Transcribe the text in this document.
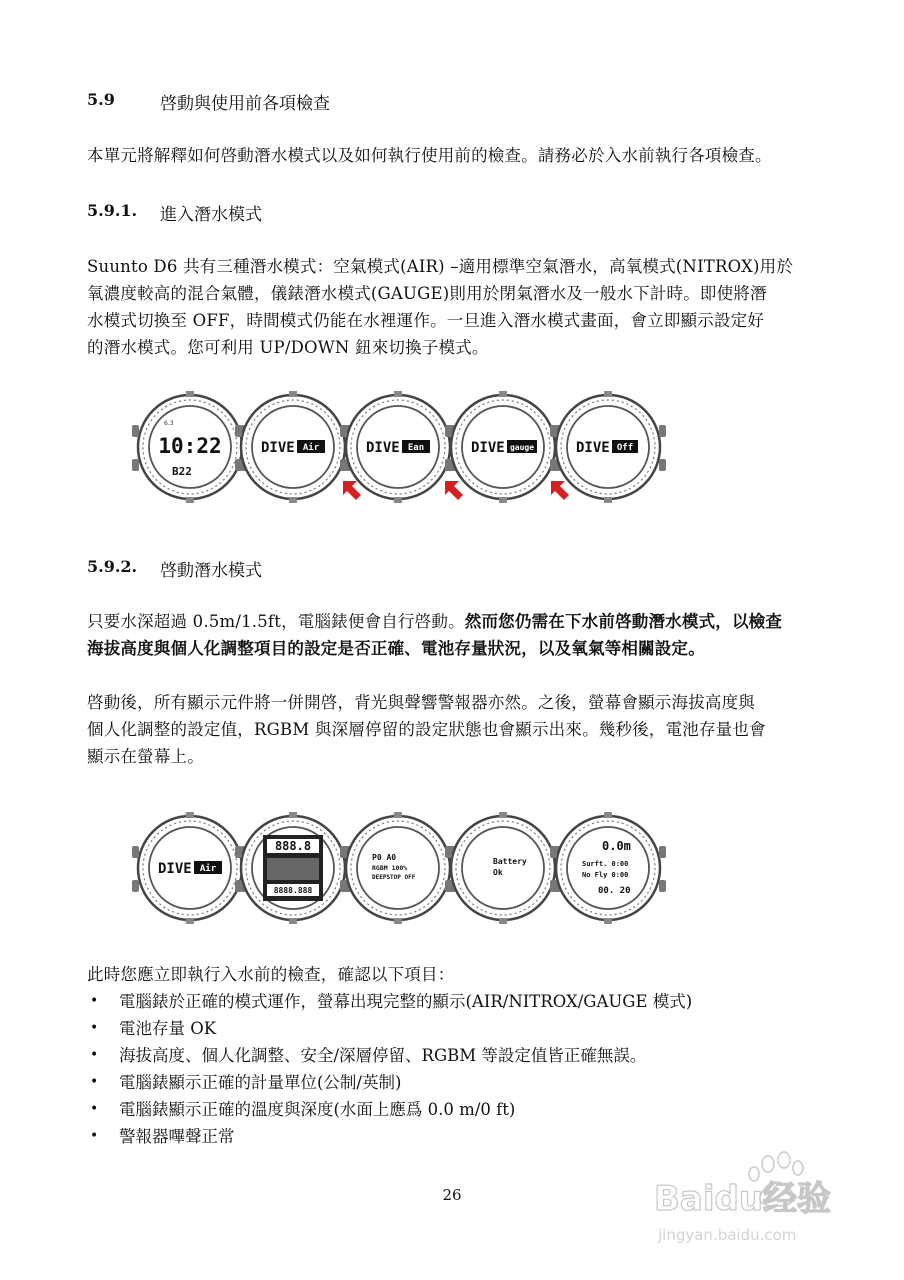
5.9	啓動與使用前各項檢查
本單元將解釋如何啓動潛水模式以及如何執行使用前的檢查。請務必於入水前執行各項檢查。
5.9.1. 進入潛水模式
Suunto D6 共有三種潛水模式：空氣模式(AIR) –適用標準空氣潛水，高氧模式(NITROX)用於
氧濃度較高的混合氣體，儀錶潛水模式(GAUGE)則用於閉氣潛水及一般水下計時。即使將潛
水模式切換至 OFF，時間模式仍能在水裡運作。一旦進入潛水模式畫面，會立即顯示設定好
的潛水模式。您可利用 UP/DOWN 鈕來切換子模式。
6.3
10:22
B22
DIVE Air	DIVE Ean	DIVE gauge	DIVE Off
5.9.2. 啓動潛水模式
只要水深超過 0.5m/1.5ft，電腦錶便會自行啓動。然而您仍需在下水前啓動潛水模式，以檢查
海拔高度與個人化調整項目的設定是否正確、電池存量狀況，以及氧氣等相關設定。
啓動後，所有顯示元件將一併開啓，背光與聲響警報器亦然。之後，螢幕會顯示海拔高度與
個人化調整的設定值，RGBM 與深層停留的設定狀態也會顯示出來。幾秒後，電池存量也會
顯示在螢幕上。
DIVE Air
888.8
8888.888
P0 A0
RGBM 100%
DEEPSTOP OFF
Battery
Ok
0.0m
Surft. 0:00
No Fly 0:00
00. 20
此時您應立即執行入水前的檢查，確認以下項目：
• 電腦錶於正確的模式運作，螢幕出現完整的顯示(AIR/NITROX/GAUGE 模式)
• 電池存量 OK
• 海拔高度、個人化調整、安全/深層停留、RGBM 等設定值皆正確無誤。
• 電腦錶顯示正確的計量單位(公制/英制)
• 電腦錶顯示正確的溫度與深度(水面上應爲 0.0 m/0 ft)
• 警報器嗶聲正常
26	Baidu经验
jingyan.baidu.com
